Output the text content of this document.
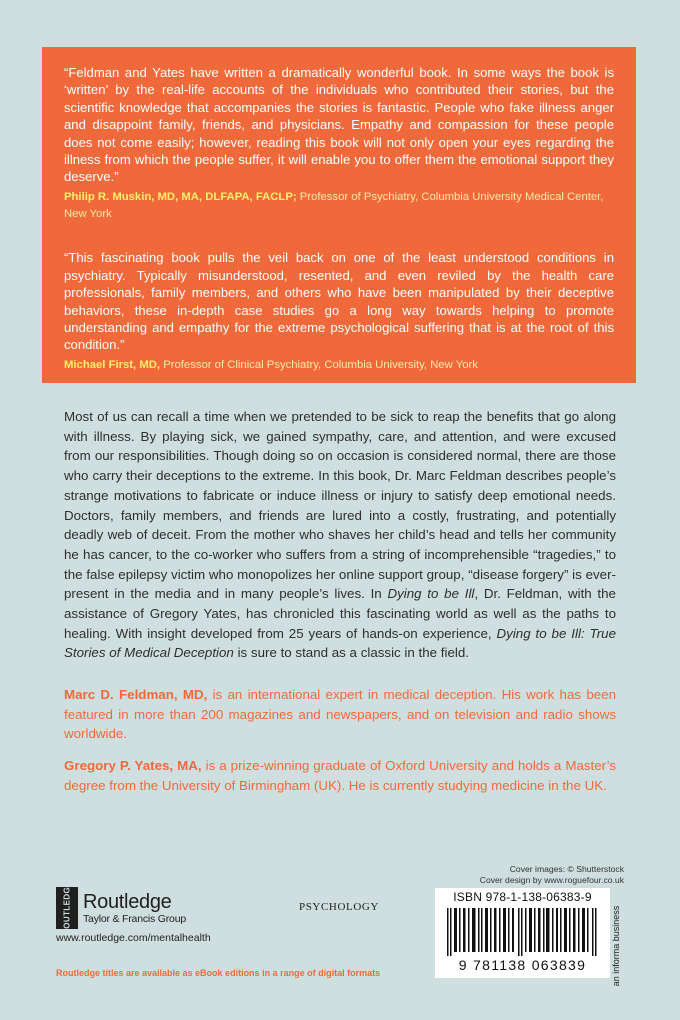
“Feldman and Yates have written a dramatically wonderful book. In some ways the book is ‘written’ by the real-life accounts of the individuals who contributed their stories, but the scientific knowledge that accompanies the stories is fantastic. People who fake illness anger and disappoint family, friends, and physicians. Empathy and compassion for these people does not come easily; however, reading this book will not only open your eyes regarding the illness from which the people suffer, it will enable you to offer them the emotional support they deserve.”

Philip R. Muskin, MD, MA, DLFAPA, FACLP; Professor of Psychiatry, Columbia University Medical Center, New York

“This fascinating book pulls the veil back on one of the least understood conditions in psychiatry. Typically misunderstood, resented, and even reviled by the health care professionals, family members, and others who have been manipulated by their deceptive behaviors, these in-depth case studies go a long way towards helping to promote understanding and empathy for the extreme psychological suffering that is at the root of this condition.”

Michael First, MD, Professor of Clinical Psychiatry, Columbia University, New York

Most of us can recall a time when we pretended to be sick to reap the benefits that go along with illness. By playing sick, we gained sympathy, care, and attention, and were excused from our responsibilities. Though doing so on occasion is considered normal, there are those who carry their deceptions to the extreme. In this book, Dr. Marc Feldman describes people’s strange motivations to fabricate or induce illness or injury to satisfy deep emotional needs. Doctors, family members, and friends are lured into a costly, frustrating, and potentially deadly web of deceit. From the mother who shaves her child’s head and tells her community he has cancer, to the co-worker who suffers from a string of incomprehensible “tragedies,” to the false epilepsy victim who monopolizes her online support group, “disease forgery” is ever-present in the media and in many people’s lives. In Dying to be Ill, Dr. Feldman, with the assistance of Gregory Yates, has chronicled this fascinating world as well as the paths to healing. With insight developed from 25 years of hands-on experience, Dying to be Ill: True Stories of Medical Deception is sure to stand as a classic in the field.

Marc D. Feldman, MD, is an international expert in medical deception. His work has been featured in more than 200 magazines and newspapers, and on television and radio shows worldwide.

Gregory P. Yates, MA, is a prize-winning graduate of Oxford University and holds a Master’s degree from the University of Birmingham (UK). He is currently studying medicine in the UK.

Cover images: © Shutterstock
Cover design by www.roguefour.co.uk
ROUTLEDGE Routledge
Taylor & Francis Group
www.routledge.com/mentalhealth
PSYCHOLOGY
ISBN 978-1-138-06383-9
9 781138 063839	an informa business
Routledge titles are available as eBook editions in a range of digital formats
